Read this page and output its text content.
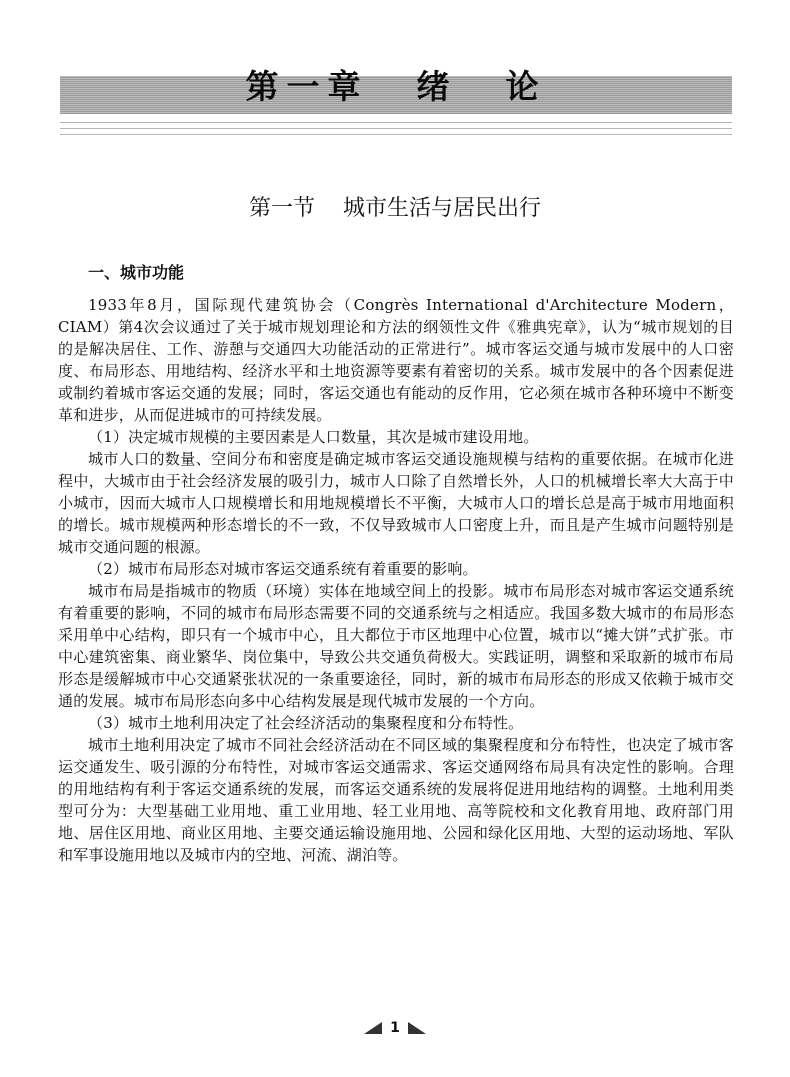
第一章 绪 论
第一节 城市生活与居民出行
一、城市功能

1933年8月，国际现代建筑协会（Congrès International d'Architecture Modern，CIAM）第4次会议通过了关于城市规划理论和方法的纲领性文件《雅典宪章》，认为“城市规划的目的是解决居住、工作、游憩与交通四大功能活动的正常进行”。城市客运交通与城市发展中的人口密度、布局形态、用地结构、经济水平和土地资源等要素有着密切的关系。城市发展中的各个因素促进或制约着城市客运交通的发展；同时，客运交通也有能动的反作用，它必须在城市各种环境中不断变革和进步，从而促进城市的可持续发展。

（1）决定城市规模的主要因素是人口数量，其次是城市建设用地。

城市人口的数量、空间分布和密度是确定城市客运交通设施规模与结构的重要依据。在城市化进程中，大城市由于社会经济发展的吸引力，城市人口除了自然增长外，人口的机械增长率大大高于中小城市，因而大城市人口规模增长和用地规模增长不平衡，大城市人口的增长总是高于城市用地面积的增长。城市规模两种形态增长的不一致，不仅导致城市人口密度上升，而且是产生城市问题特别是城市交通问题的根源。

（2）城市布局形态对城市客运交通系统有着重要的影响。

城市布局是指城市的物质（环境）实体在地域空间上的投影。城市布局形态对城市客运交通系统有着重要的影响，不同的城市布局形态需要不同的交通系统与之相适应。我国多数大城市的布局形态采用单中心结构，即只有一个城市中心，且大都位于市区地理中心位置，城市以“摊大饼”式扩张。市中心建筑密集、商业繁华、岗位集中，导致公共交通负荷极大。实践证明，调整和采取新的城市布局形态是缓解城市中心交通紧张状况的一条重要途径，同时，新的城市布局形态的形成又依赖于城市交通的发展。城市布局形态向多中心结构发展是现代城市发展的一个方向。

（3）城市土地利用决定了社会经济活动的集聚程度和分布特性。

城市土地利用决定了城市不同社会经济活动在不同区域的集聚程度和分布特性，也决定了城市客运交通发生、吸引源的分布特性，对城市客运交通需求、客运交通网络布局具有决定性的影响。合理的用地结构有利于客运交通系统的发展，而客运交通系统的发展将促进用地结构的调整。土地利用类型可分为：大型基础工业用地、重工业用地、轻工业用地、高等院校和文化教育用地、政府部门用地、居住区用地、商业区用地、主要交通运输设施用地、公园和绿化区用地、大型的运动场地、军队和军事设施用地以及城市内的空地、河流、湖泊等。

1
